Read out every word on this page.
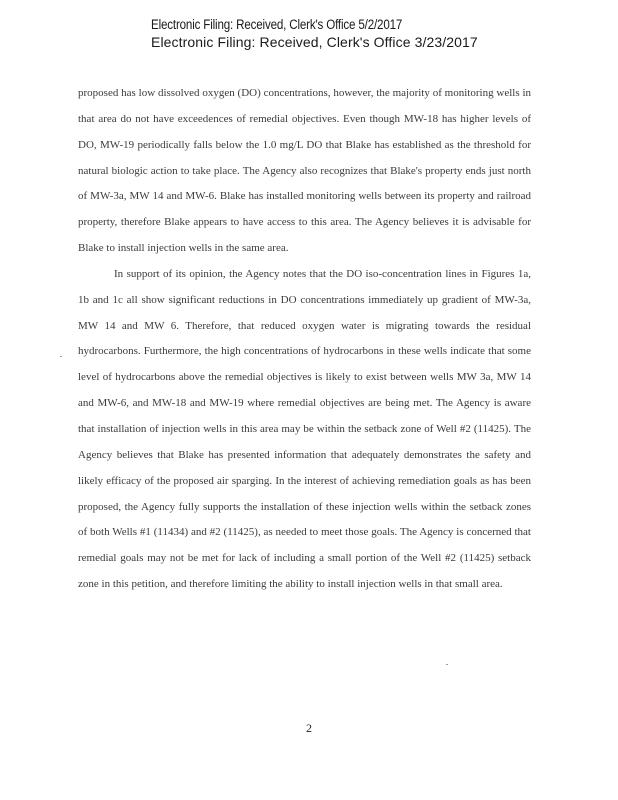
Electronic Filing: Received, Clerk's Office 5/2/2017
Electronic Filing: Received, Clerk's Office 3/23/2017

proposed has low dissolved oxygen (DO) concentrations, however, the majority of monitoring wells in that area do not have exceedences of remedial objectives. Even though MW-18 has higher levels of DO, MW-19 periodically falls below the 1.0 mg/L DO that Blake has established as the threshold for natural biologic action to take place. The Agency also recognizes that Blake's property ends just north of MW-3a, MW 14 and MW-6. Blake has installed monitoring wells between its property and railroad property, therefore Blake appears to have access to this area. The Agency believes it is advisable for Blake to install injection wells in the same area.

In support of its opinion, the Agency notes that the DO iso-concentration lines in Figures 1a, 1b and 1c all show significant reductions in DO concentrations immediately up gradient of MW-3a, MW 14 and MW 6. Therefore, that reduced oxygen water is migrating towards the residual hydrocarbons. Furthermore, the high concentrations of hydrocarbons in these wells indicate that some level of hydrocarbons above the remedial objectives is likely to exist between wells MW 3a, MW 14 and MW-6, and MW-18 and MW-19 where remedial objectives are being met. The Agency is aware that installation of injection wells in this area may be within the setback zone of Well #2 (11425). The Agency believes that Blake has presented information that adequately demonstrates the safety and likely efficacy of the proposed air sparging. In the interest of achieving remediation goals as has been proposed, the Agency fully supports the installation of these injection wells within the setback zones of both Wells #1 (11434) and #2 (11425), as needed to meet those goals. The Agency is concerned that remedial goals may not be met for lack of including a small portion of the Well #2 (11425) setback zone in this petition, and therefore limiting the ability to install injection wells in that small area.

2
